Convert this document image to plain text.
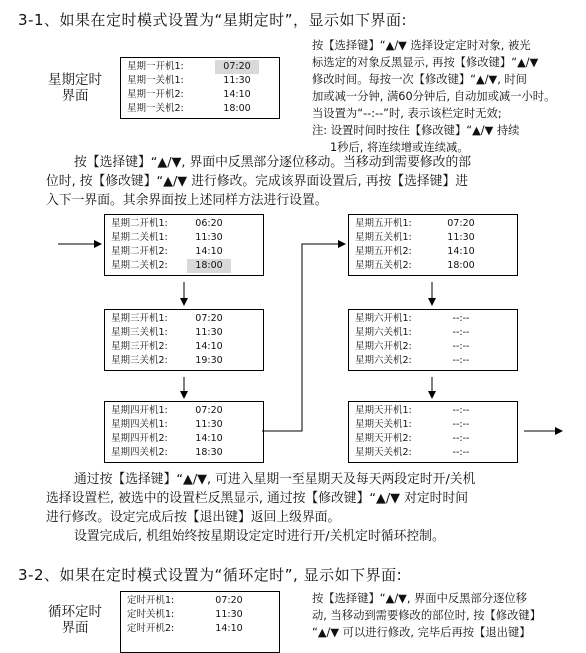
3-1、如果在定时模式设置为“星期定时”，显示如下界面:
星期定时
界面
星期一开机1:	07:20
星期一关机1:	11:30
星期一开机2:	14:10
星期一关机2:	18:00
按【选择键】“▲/▼ 选择设定定时对象, 被光
标选定的对象反黑显示, 再按【修改键】“▲/▼
修改时间。每按一次【修改键】“▲/▼, 时间
加或减一分钟, 满60分钟后, 自动加或减一小时。
当设置为“--:--”时, 表示该栏定时无效;
注: 设置时间时按住【修改键】“▲/▼ 持续
1秒后, 将连续增或连续减。
按【选择键】“▲/▼, 界面中反黑部分逐位移动。当移动到需要修改的部
位时, 按【修改键】“▲/▼ 进行修改。完成该界面设置后, 再按【选择键】进
入下一界面。其余界面按上述同样方法进行设置。
星期二开机1:	06:20
星期二关机1:	11:30
星期二开机2:	14:10
星期二关机2:	18:00
星期三开机1:	07:20
星期三关机1:	11:30
星期三开机2:	14:10
星期三关机2:	19:30
星期四开机1:	07:20
星期四关机1:	11:30
星期四开机2:	14:10
星期四关机2:	18:30
星期五开机1:	07:20
星期五关机1:	11:30
星期五开机2:	14:10
星期五关机2:	18:00
星期六开机1:	--:--
星期六关机1:	--:--
星期六开机2:	--:--
星期六关机2:	--:--
星期天开机1:	--:--
星期天关机1:	--:--
星期天开机2:	--:--
星期天关机2:	--:--
通过按【选择键】“▲/▼, 可进入星期一至星期天及每天两段定时开/关机
选择设置栏, 被选中的设置栏反黑显示, 通过按【修改键】“▲/▼ 对定时时间
进行修改。设定完成后按【退出键】返回上级界面。
设置完成后, 机组始终按星期设定定时进行开/关机定时循环控制。
3-2、如果在定时模式设置为“循环定时”, 显示如下界面:
循环定时
界面
定时开机1:	07:20
定时关机1:	11:30
定时开机2:	14:10
按【选择键】“▲/▼, 界面中反黑部分逐位移
动, 当移动到需要修改的部位时, 按【修改键】
“▲/▼ 可以进行修改, 完毕后再按【退出键】
